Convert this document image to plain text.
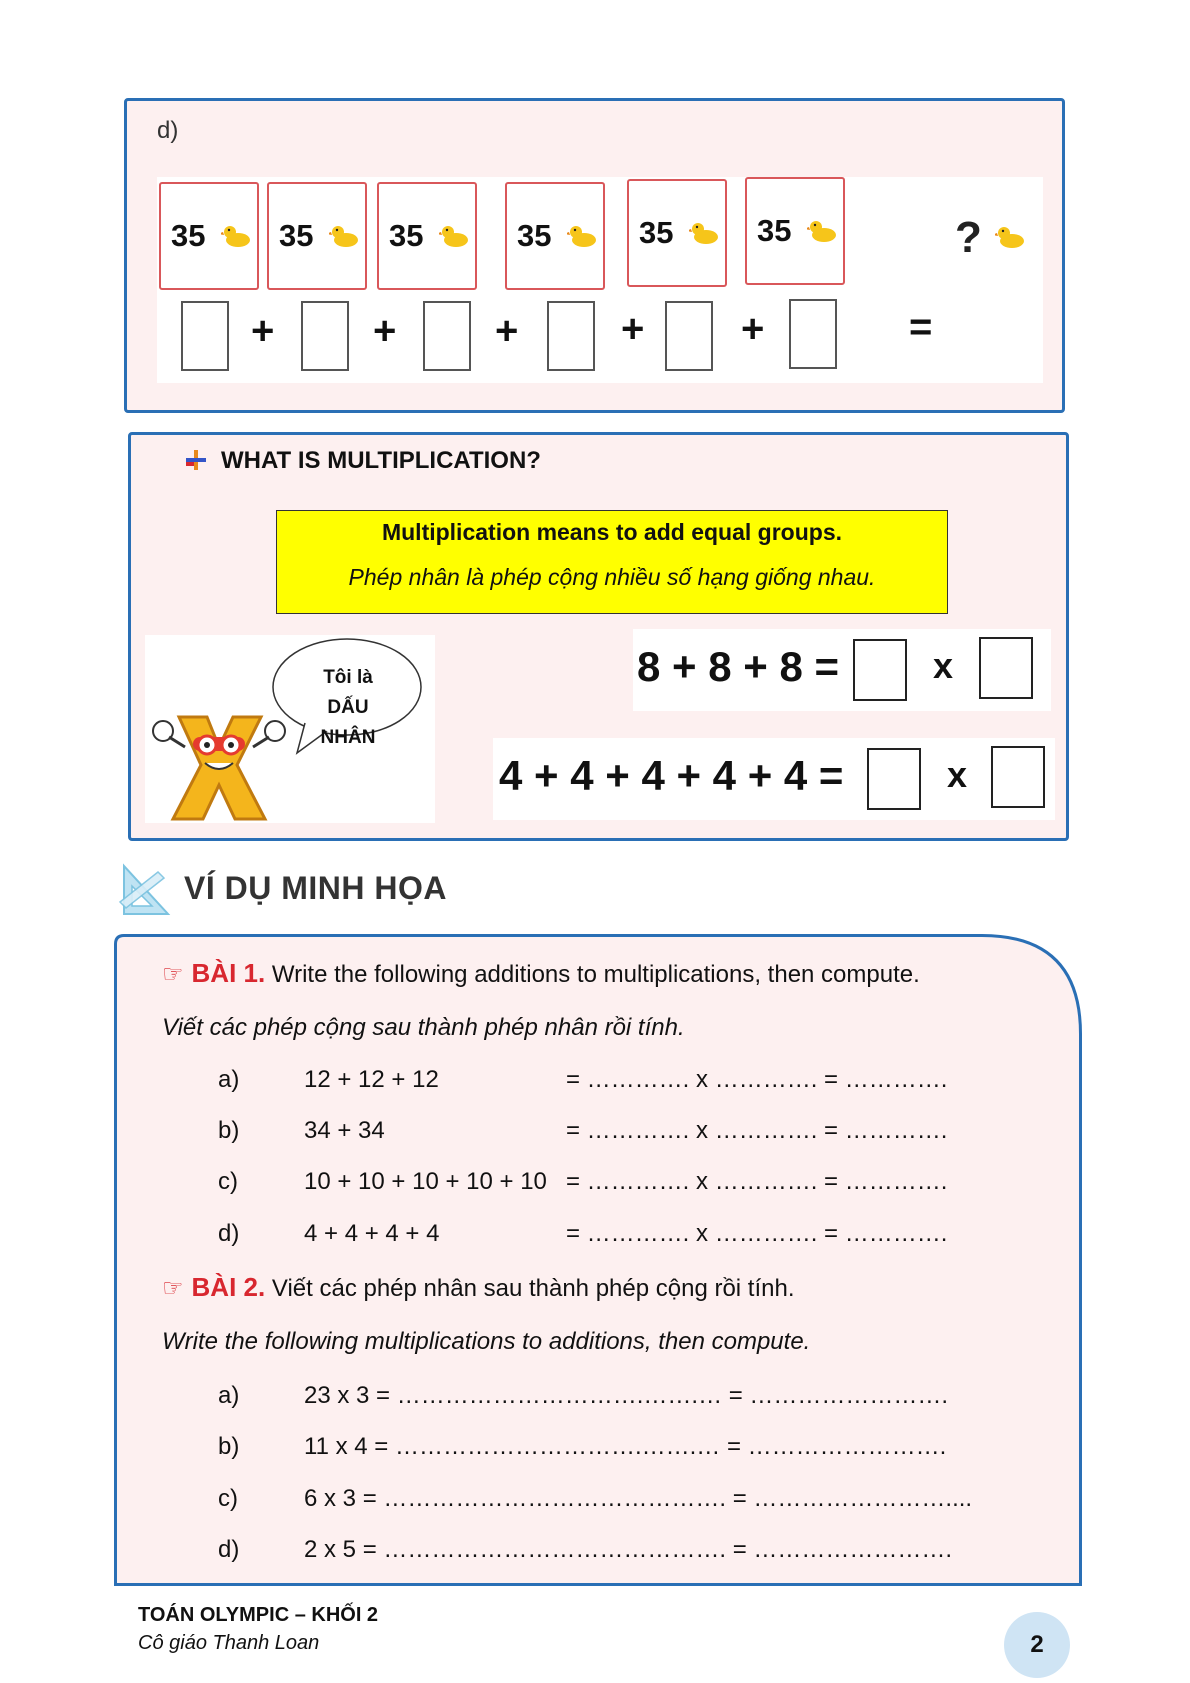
d)
35 35 35	35	35	35	?
+ + +	+ +	=
WHAT IS MULTIPLICATION?
Multiplication means to add equal groups.
Phép nhân là phép cộng nhiều số hạng giống nhau.
Tôi là
DẤU NHÂN
8 + 8 + 8 =	x
4 + 4 + 4 + 4 + 4 =	x
VÍ DỤ MINH HỌA
☞ BÀI 1. Write the following additions to multiplications, then compute.
Viết các phép cộng sau thành phép nhân rồi tính.
a)	12 + 12 + 12	= …………. x …………. = ………….
b)	34 + 34	= …………. x …………. = ………….
c)	10 + 10 + 10 + 10 + 10 = …………. x …………. = ………….
d)	4 + 4 + 4 + 4	= …………. x …………. = ………….
☞ BÀI 2. Viết các phép nhân sau thành phép cộng rồi tính.
Write the following multiplications to additions, then compute.
a)	23 x 3 = ………………………….…….… = …………………….
b)	11 x 4 = ………………………….…….… = …………………….
c)	6 x 3 = ……………………………………. = ……………………....
d)	2 x 5 = ……………………………………. = …………………….
TOÁN OLYMPIC – KHỐI 2
Cô giáo Thanh Loan	2
